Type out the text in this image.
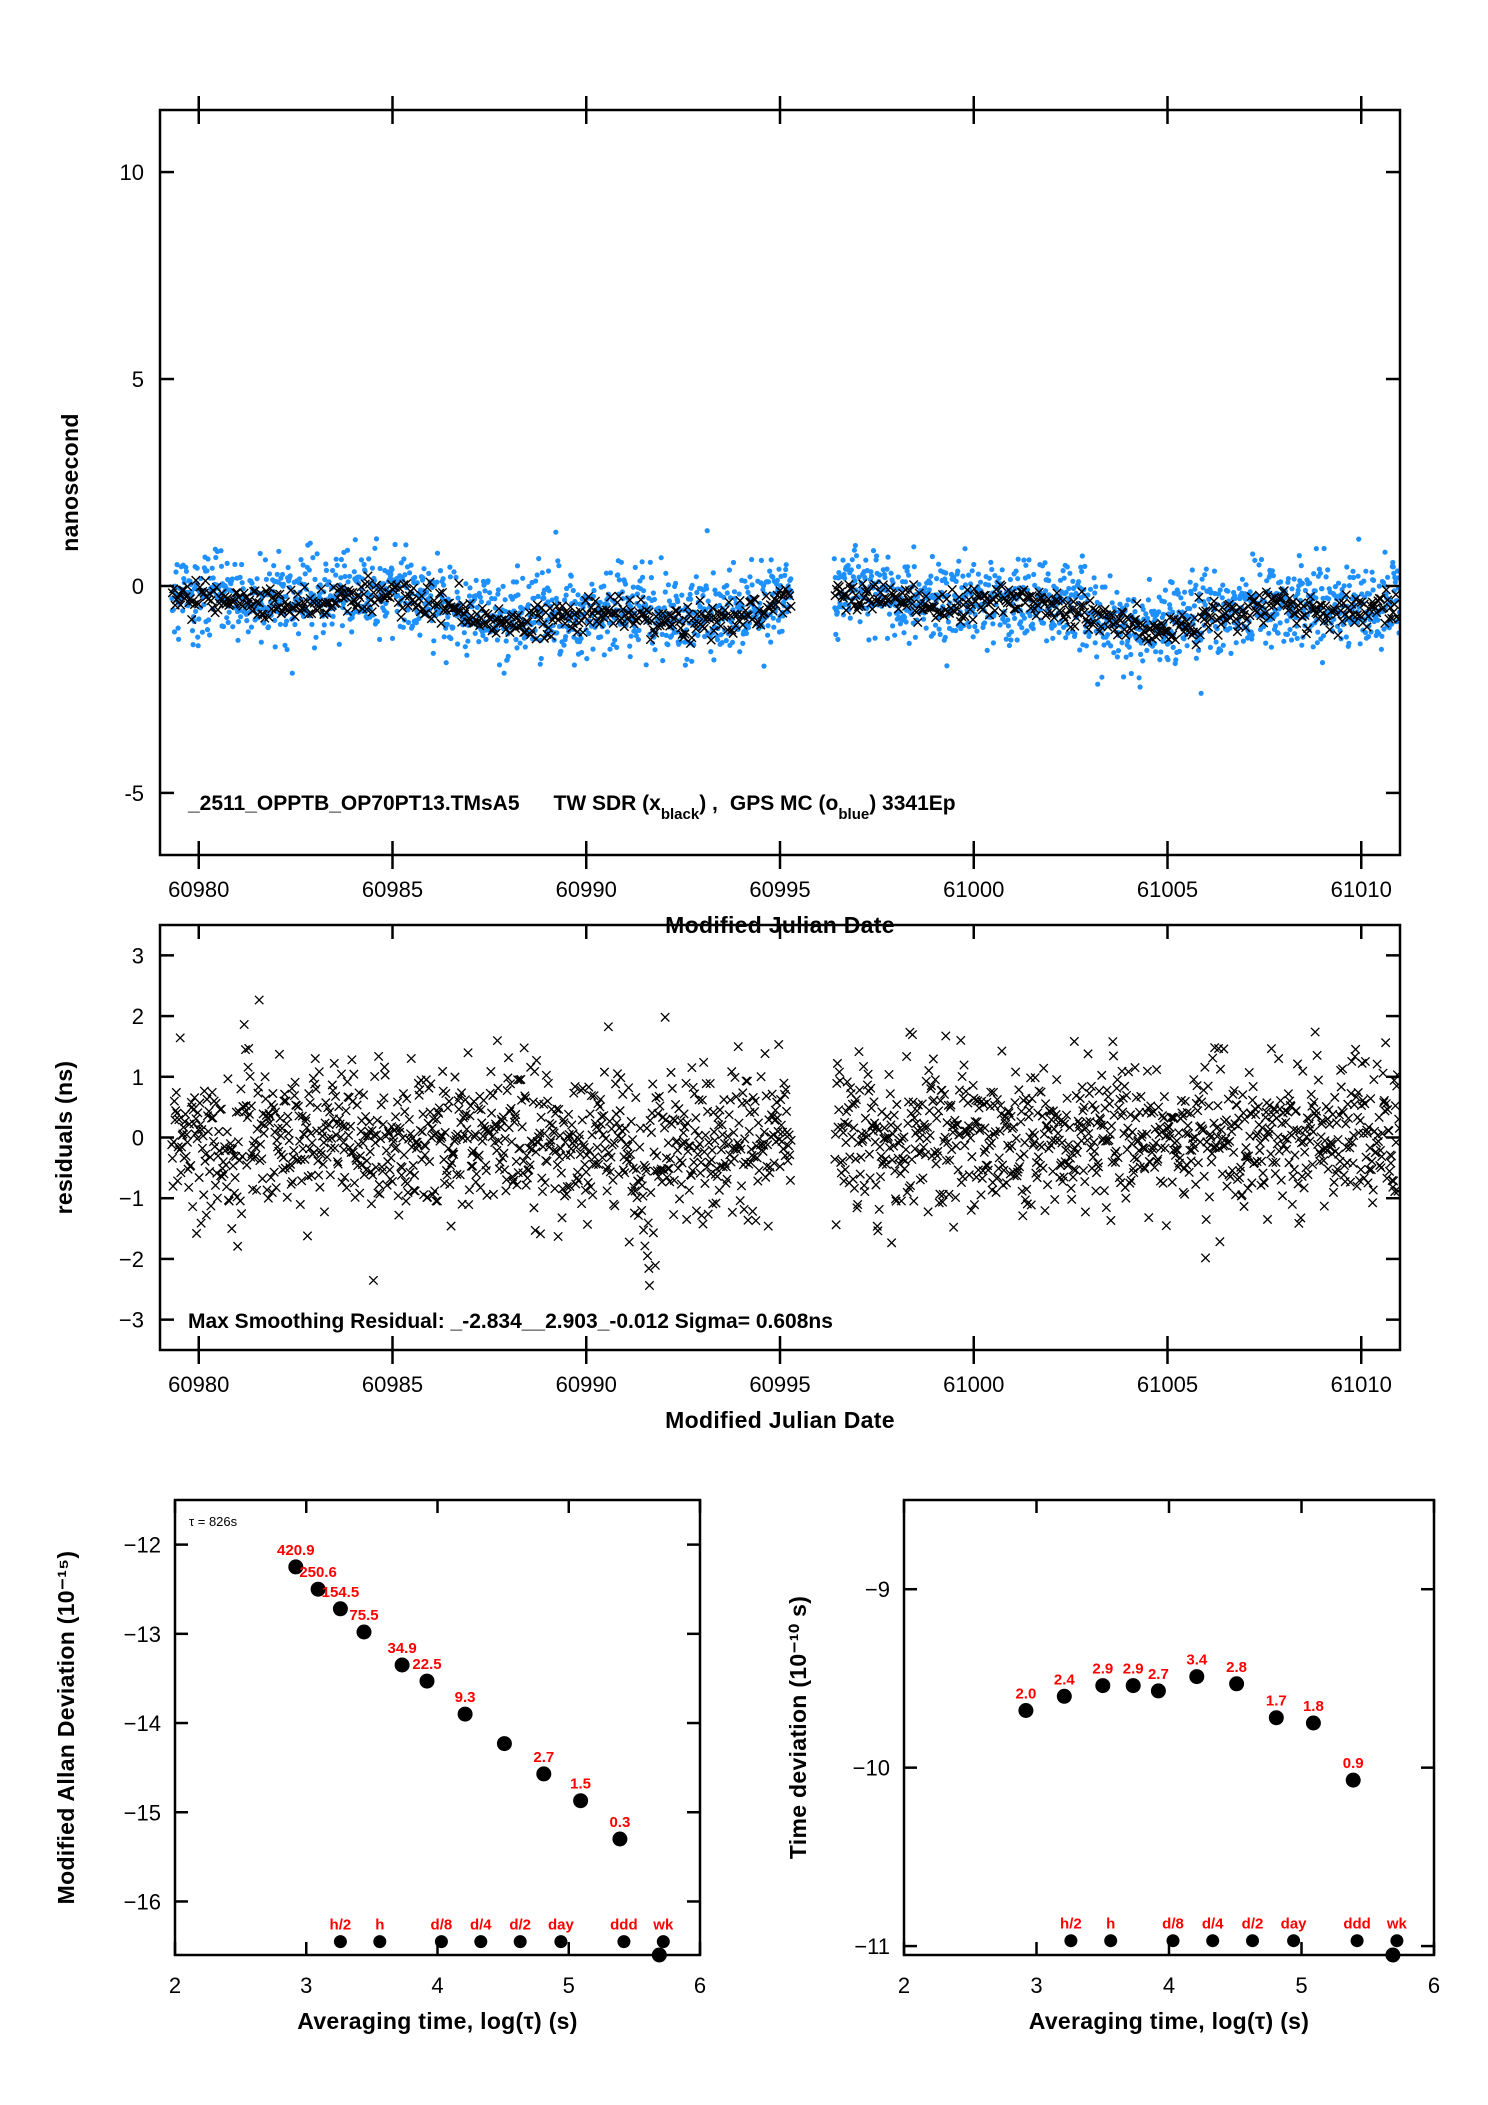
60980	60985	60990	60995	61000	61005	61010
-5
0
5
10
Modified Julian Date
nanosecond
_2511_OPPTB_OP70PT13.TMsA5 TW SDR $(x_{black})$ , GPS MC $(o_{blue})$ 3341Ep
60980	60985	60990	60995	61000	61005	61010
−3
−2
−1
0
1
2
3
Modified Julian Date
residuals (ns)
Max Smoothing Residual: _-2.834__2.903_-0.012 Sigma= 0.608ns
2	3	4	5	6
−16
−15
−14
−13
−12	420.9
250.6
154.5
75.5
34.9
22.5
9.3
2.7
1.5
0.3
h/2 h	d/8 d/4 d/2 day ddd wk
Averaging time, log(τ) (s)
Modified Allan Deviation (10⁻¹⁵)
τ = 826s
2	3	4	5	6
−11
−10
−9
2.0
2.4
2.9 2.9 2.7
3.4 2.8
1.7 1.8
0.9
h/2 h	d/8 d/4 d/2 day ddd wk
Averaging time, log(τ) (s)
Time deviation (10⁻¹⁰ s)
